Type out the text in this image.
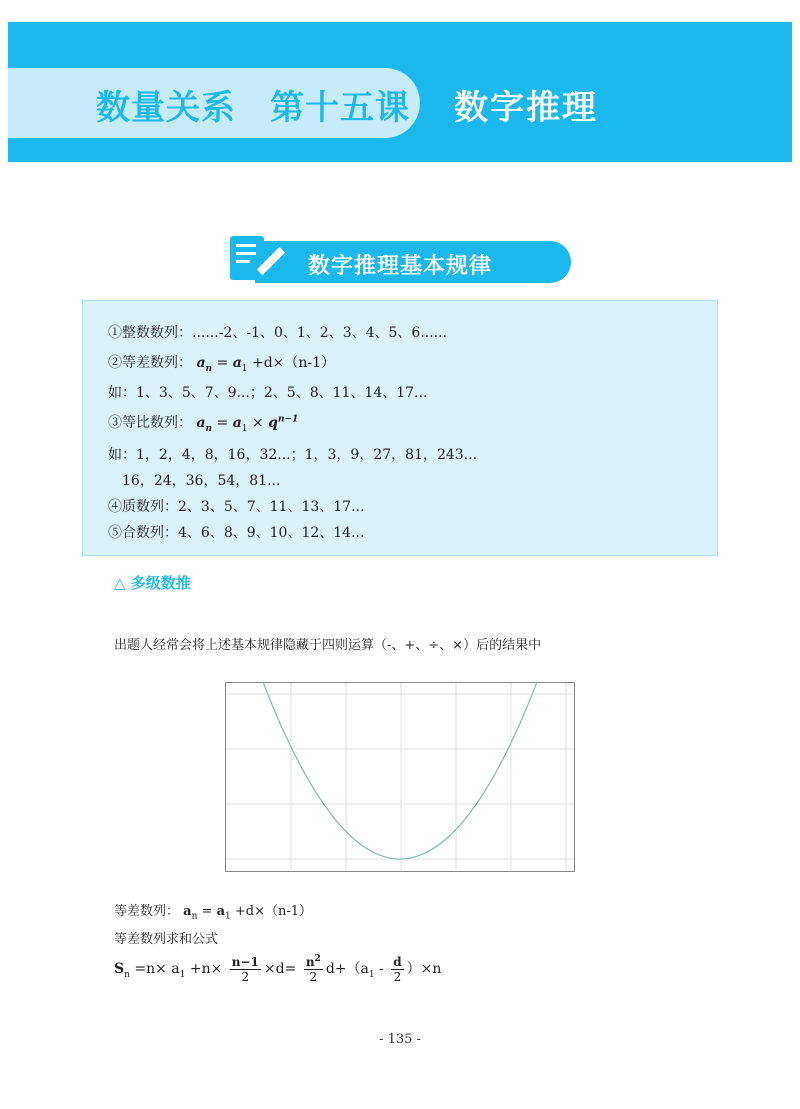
数量关系 第十五课 数字推理
数字推理基本规律
①整数数列：......-2、-1、0、1、2、3、4、5、6......
②等差数列： $a_n = a_1 +d\times(n-1)$
如：1、3、5、7、9...；2、5、8、11、14、17...
③等比数列： $a_n = a_1 \times q^{n-1}$
如：1，2，4，8，16，32...；1，3，9，27，81，243...
16，24，36，54，81...
④质数列：2、3、5、7、11、13、17...
⑤合数列：4、6、8、9、10、12、14...
△ 多级数推
出题人经常会将上述基本规律隐藏于四则运算（-、+、÷、×）后的结果中
等差数列： $a_n = a_1 +d\times(n-1)$
等差数列求和公式
$S_n =n\times a_1 +n\times \frac{n-1}{2} \times d= \frac{n^2}{2} d+(a_1 - \frac{d}{2} )\times n$
- 135 -
